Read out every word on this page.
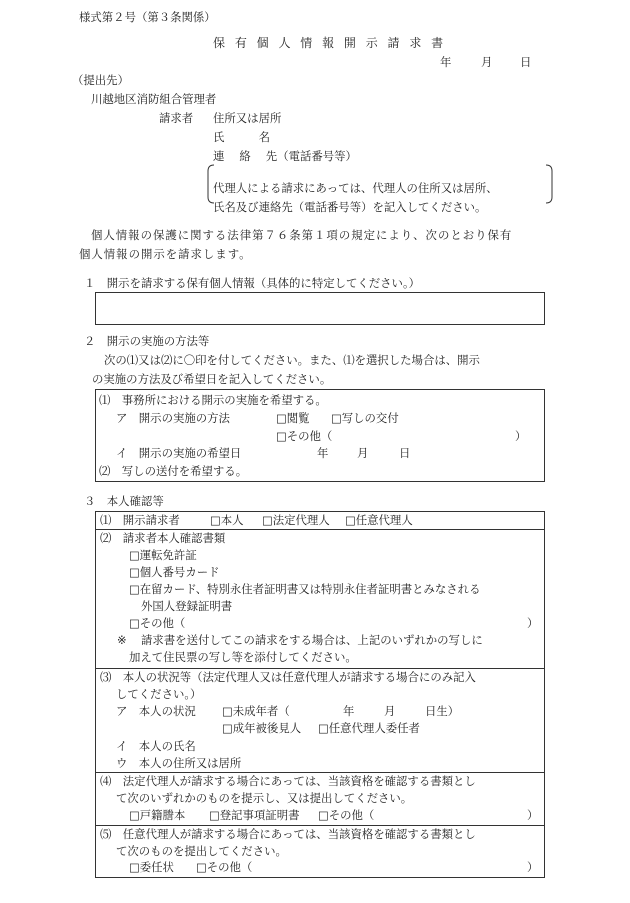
様式第２号（第３条関係）
保 有 個 人 情 報 開 示 請 求 書
年	月 日
（提出先）
川越地区消防組合管理者
請求者 住所又は居所
氏　　　名
連　 絡　 先（電話番号等）
代理人による請求にあっては、代理人の住所又は居所、
氏名及び連絡先（電話番号等）を記入してください。
個人情報の保護に関する法律第７６条第１項の規定により、次のとおり保有
個人情報の開示を請求します。
１　開示を請求する保有個人情報（具体的に特定してください。）
２　開示の実施の方法等
次の⑴又は⑵に〇印を付してください。また、⑴を選択した場合は、開示
の実施の方法及び希望日を記入してください。
⑴　事務所における開示の実施を希望する。
ア　開示の実施の方法	□閲覧 □写しの交付
□その他（	）
イ　開示の実施の希望日	年	月	日
⑵　写しの送付を希望する。
３　本人確認等
⑴　開示請求者	□本人 □法定代理人 □任意代理人
⑵　請求者本人確認書類
□運転免許証
□個人番号カード
□在留カード、特別永住者証明書又は特別永住者証明書とみなされる
外国人登録証明書
□その他（	）
※ 請求書を送付してこの請求をする場合は、上記のいずれかの写しに
加えて住民票の写し等を添付してください。
⑶　本人の状況等（法定代理人又は任意代理人が請求する場合にのみ記入
してください。）
ア　本人の状況 □未成年者（	年	月	日生）
□成年被後見人 □任意代理人委任者
イ　本人の氏名
ウ　本人の住所又は居所
⑷　法定代理人が請求する場合にあっては、当該資格を確認する書類とし
て次のいずれかのものを提示し、又は提出してください。
□戸籍謄本 □登記事項証明書 □その他（	）
⑸　任意代理人が請求する場合にあっては、当該資格を確認する書類とし
て次のものを提出してください。
□委任状 □その他（	）
